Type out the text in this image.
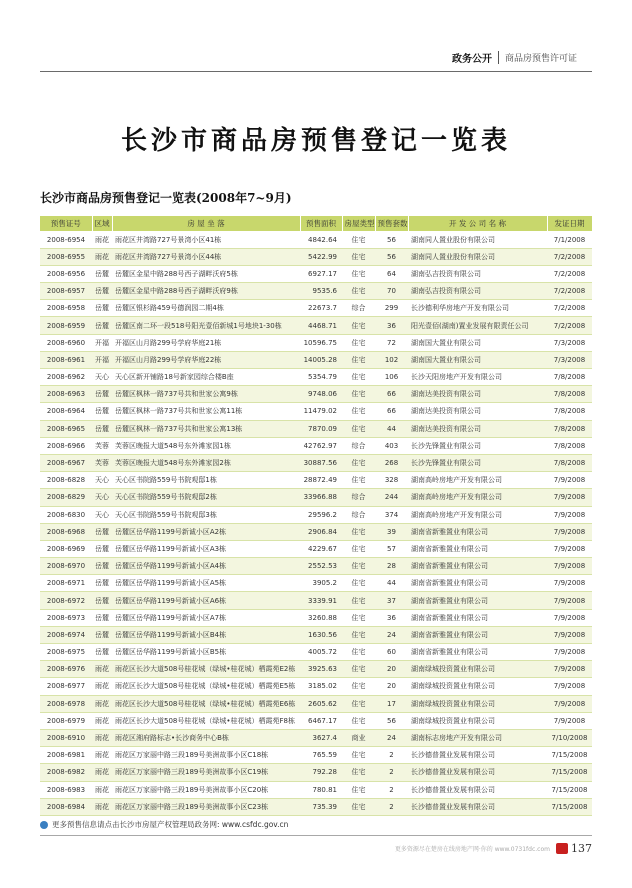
政务公开 商品房预售许可证
长沙市商品房预售登记一览表
长沙市商品房预售登记一览表(2008年7~9月)
预售证号	区域	房 屋 坐 落	预售面积	房屋类型	预售套数	开 发 公 司 名 称	发证日期
2008-6954	雨花	雨花区井湾路727号景湾小区41栋	4842.64	住宅	56	湖南同人置业股份有限公司	7/1/2008
2008-6955	雨花	雨花区井湾路727号景湾小区44栋	5422.99	住宅	56	湖南同人置业股份有限公司	7/2/2008
2008-6956	岳麓	岳麓区金星中路288号西子湖畔沃府5栋	6927.17	住宅	64	湖南弘吉投资有限公司	7/2/2008
2008-6957	岳麓	岳麓区金星中路288号西子湖畔沃府9栋	9535.6	住宅	70	湖南弘吉投资有限公司	7/2/2008
2008-6958	岳麓	岳麓区银杉路459号德润园二期4栋	22673.7	综合	299	长沙德利华房地产开发有限公司	7/2/2008
2008-6959	岳麓	岳麓区南二环一段518号阳光壹佰新城1号地块1-30栋	4468.71	住宅	36	阳光壹佰(湖南)置业发展有限责任公司	7/2/2008
2008-6960	开福	开福区山月路299号学府华庭21栋	10596.75	住宅	72	湖南国大置业有限公司	7/3/2008
2008-6961	开福	开福区山月路299号学府华庭22栋	14005.28	住宅	102	湖南国大置业有限公司	7/3/2008
2008-6962	天心	天心区新开铺路18号新家园综合楼B座	5354.79	住宅	106	长沙天阳房地产开发有限公司	7/8/2008
2008-6963	岳麓	岳麓区枫林一路737号共和世家公寓9栋	9748.06	住宅	66	湖南达美投资有限公司	7/8/2008
2008-6964	岳麓	岳麓区枫林一路737号共和世家公寓11栋	11479.02	住宅	66	湖南达美投资有限公司	7/8/2008
2008-6965	岳麓	岳麓区枫林一路737号共和世家公寓13栋	7870.09	住宅	44	湖南达美投资有限公司	7/8/2008
2008-6966	芙蓉	芙蓉区晚报大道548号东外滩家园1栋	42762.97	综合	403	长沙先锋置业有限公司	7/8/2008
2008-6967	芙蓉	芙蓉区晚报大道548号东外滩家园2栋	30887.56	住宅	268	长沙先锋置业有限公司	7/8/2008
2008-6828	天心	天心区书院路559号书院观邸1栋	28872.49	住宅	328	湖南高岭房地产开发有限公司	7/9/2008
2008-6829	天心	天心区书院路559号书院观邸2栋	33966.88	综合	244	湖南高岭房地产开发有限公司	7/9/2008
2008-6830	天心	天心区书院路559号书院观邸3栋	29596.2	综合	374	湖南高岭房地产开发有限公司	7/9/2008
2008-6968	岳麓	岳麓区岳华路1199号新诚小区A2栋	2906.84	住宅	39	湖南省新雅置业有限公司	7/9/2008
2008-6969	岳麓	岳麓区岳华路1199号新诚小区A3栋	4229.67	住宅	57	湖南省新雅置业有限公司	7/9/2008
2008-6970	岳麓	岳麓区岳华路1199号新诚小区A4栋	2552.53	住宅	28	湖南省新雅置业有限公司	7/9/2008
2008-6971	岳麓	岳麓区岳华路1199号新诚小区A5栋	3905.2	住宅	44	湖南省新雅置业有限公司	7/9/2008
2008-6972	岳麓	岳麓区岳华路1199号新诚小区A6栋	3339.91	住宅	37	湖南省新雅置业有限公司	7/9/2008
2008-6973	岳麓	岳麓区岳华路1199号新诚小区A7栋	3260.88	住宅	36	湖南省新雅置业有限公司	7/9/2008
2008-6974	岳麓	岳麓区岳华路1199号新诚小区B4栋	1630.56	住宅	24	湖南省新雅置业有限公司	7/9/2008
2008-6975	岳麓	岳麓区岳华路1199号新诚小区B5栋	4005.72	住宅	60	湖南省新雅置业有限公司	7/9/2008
2008-6976	雨花	雨花区长沙大道508号桂花城（绿城•桂花城）栖霞苑E2栋	3925.63	住宅	20	湖南绿城投资置业有限公司	7/9/2008
2008-6977	雨花	雨花区长沙大道508号桂花城（绿城•桂花城）栖霞苑E5栋	3185.02	住宅	20	湖南绿城投资置业有限公司	7/9/2008
2008-6978	雨花	雨花区长沙大道508号桂花城（绿城•桂花城）栖霞苑E6栋	2605.62	住宅	17	湖南绿城投资置业有限公司	7/9/2008
2008-6979	雨花	雨花区长沙大道508号桂花城（绿城•桂花城）栖霞苑F8栋	6467.17	住宅	56	湖南绿城投资置业有限公司	7/9/2008
2008-6910	雨花	雨花区湘府路标志•长沙商务中心B栋	3627.4	商业	24	湖南标志房地产开发有限公司	7/10/2008
2008-6981	雨花	雨花区万家丽中路三段189号美洲故事小区C18栋	765.59	住宅	2	长沙德普置业发展有限公司	7/15/2008
2008-6982	雨花	雨花区万家丽中路三段189号美洲故事小区C19栋	792.28	住宅	2	长沙德普置业发展有限公司	7/15/2008
2008-6983	雨花	雨花区万家丽中路三段189号美洲故事小区C20栋	780.81	住宅	2	长沙德普置业发展有限公司	7/15/2008
2008-6984	雨花	雨花区万家丽中路三段189号美洲故事小区C23栋	735.39	住宅	2	长沙德普置业发展有限公司	7/15/2008
更多预售信息请点击长沙市房屋产权管理局政务网: www.csfdc.gov.cn
更多资源尽在楚房在线房地产网·你的 www.0731fdc.com 137
